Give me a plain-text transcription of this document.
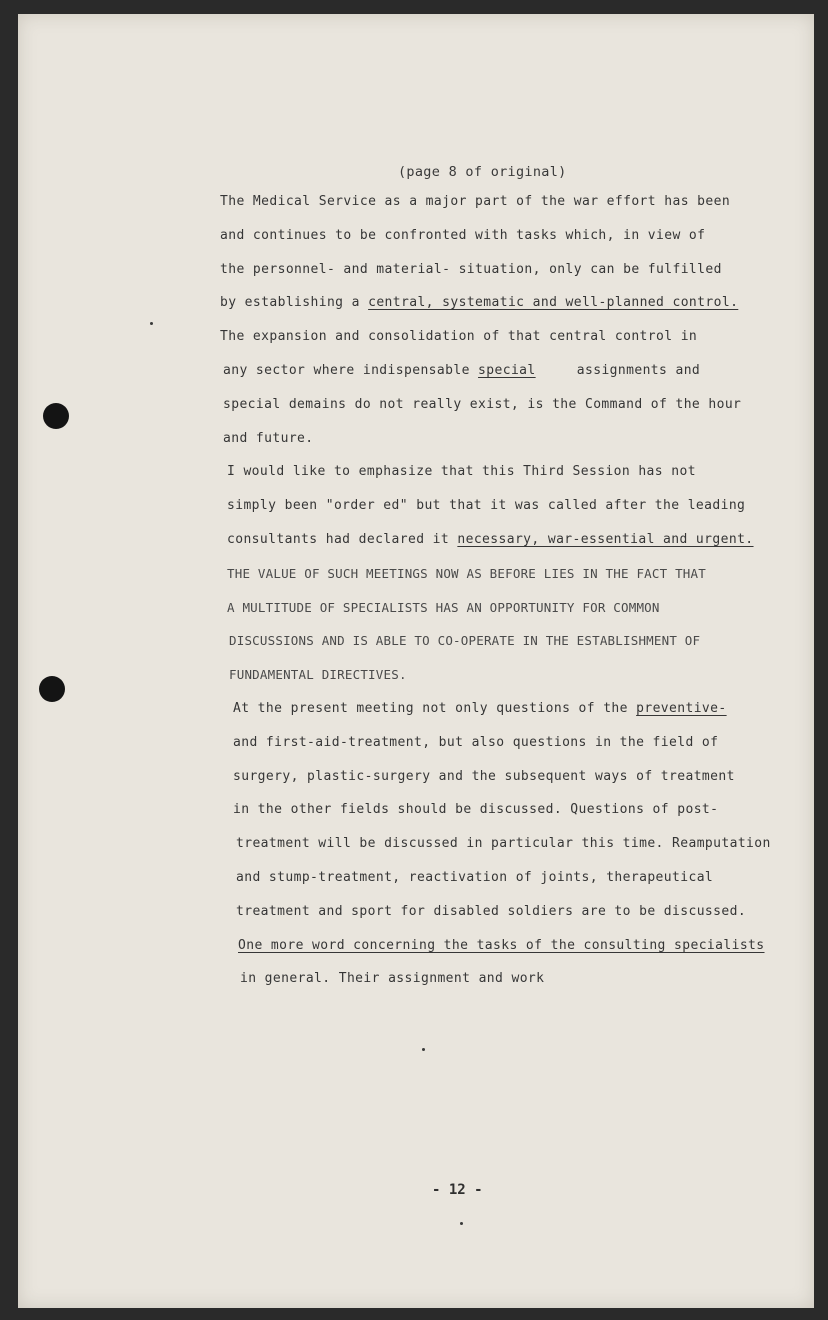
(page 8 of original)
The Medical Service as a major part of the war effort has been
and continues to be confronted with tasks which, in view of
the personnel- and material- situation, only can be fulfilled
by establishing a central, systematic and well-planned control.
The expansion and consolidation of that central control in
any sector where indispensable special     assignments and
special demains do not really exist, is the Command of the hour
and future.
I would like to emphasize that this Third Session has not
simply been "order ed" but that it was called after the leading
consultants had declared it necessary, war-essential and urgent.
THE VALUE OF SUCH MEETINGS NOW AS BEFORE LIES IN THE FACT THAT
A MULTITUDE OF SPECIALISTS HAS AN OPPORTUNITY FOR COMMON
DISCUSSIONS AND IS ABLE TO CO-OPERATE IN THE ESTABLISHMENT OF
FUNDAMENTAL DIRECTIVES.
At the present meeting not only questions of the preventive-
and first-aid-treatment, but also questions in the field of
surgery, plastic-surgery and the subsequent ways of treatment
in the other fields should be discussed. Questions of post-
treatment will be discussed in particular this time. Reamputation
and stump-treatment, reactivation of joints, therapeutical
treatment and sport for disabled soldiers are to be discussed.
One more word concerning the tasks of the consulting specialists
in general. Their assignment and work
- 12 -
